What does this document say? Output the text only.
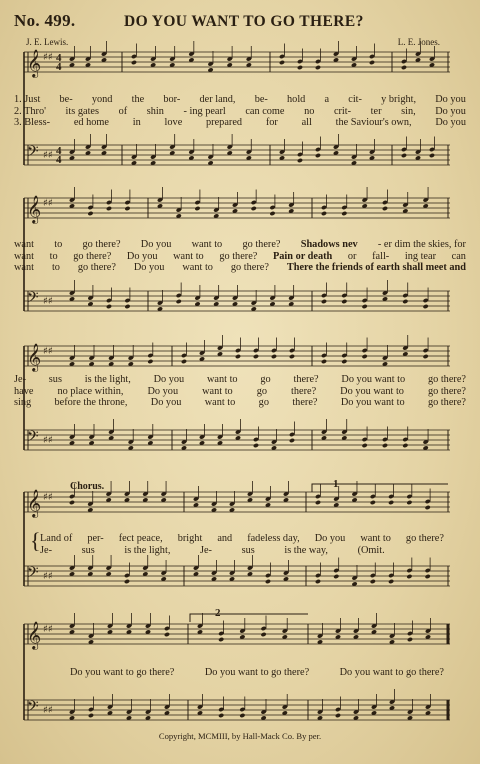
𝄞 ♯♯
𝄢 ♯♯
𝄞 ♯♯
𝄢 ♯♯
𝄞 ♯♯
𝄢 ♯♯
𝄞 ♯♯
𝄢 ♯♯
𝄞 ♯♯
𝄢 ♯♯
4
4
4
4
No. 499.	DO YOU WANT TO GO THERE?
J. E. Lewis.	L. E. Jones.
1. Just be- yond the bor- der land, be- hold a cit- y bright, Do you
2. Thro' its gates of shin - ing pearl can come no crit- ter sin, Do you
3. Bless- ed home in love prepared for all the Saviour's own, Do you
want to go there? Do you want to go there? Shadows nev - er dim the skies, for
want to go there? Do you want to go there? Pain or death or fall- ing tear can
want to go there? Do you want to go there? There the friends of earth shall meet and
Je- sus is the light, Do you want to go there? Do you want to go there?
have no place within, Do you want to go there? Do you want to go there?
sing before the throne, Do you want to go there? Do you want to go there?
Chorus.
{ Land of per- fect peace, bright and fadeless day, Do you want to go there?
Je-	sus	is the light,	Je-	sus	is the way,	(Omit.
Do you want to go there?	Do you want to go there?	Do you want to go there?
1
2
Copyright, MCMIII, by Hall-Mack Co. By per.
